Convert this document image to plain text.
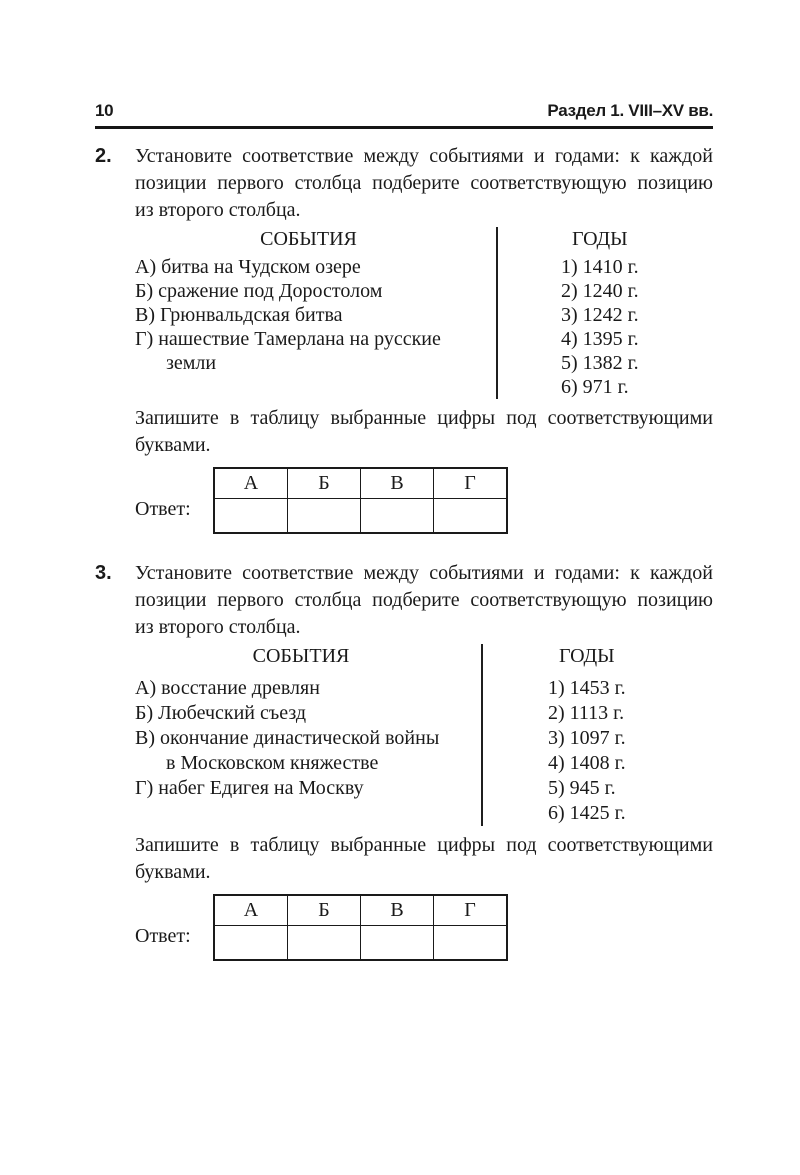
10	Раздел 1. VIII–XV вв.
2. Установите соответствие между событиями и годами: к каждой
позиции первого столбца подберите соответствующую позицию
из второго столбца.
СОБЫТИЯ
А) битва на Чудском озере
Б) сражение под Доростолом
В) Грюнвальдская битва
Г) нашествие Тамерлана на русские
земли
ГОДЫ
1) 1410 г.
2) 1240 г.
3) 1242 г.
4) 1395 г.
5) 1382 г.
6) 971 г.
Запишите в таблицу выбранные цифры под соответствующими
буквами.
Ответ:
А	Б	В	Г

3. Установите соответствие между событиями и годами: к каждой
позиции первого столбца подберите соответствующую позицию
из второго столбца.
СОБЫТИЯ
А) восстание древлян
Б) Любечский съезд
В) окончание династической войны
в Московском княжестве
Г) набег Едигея на Москву
ГОДЫ
1) 1453 г.
2) 1113 г.
3) 1097 г.
4) 1408 г.
5) 945 г.
6) 1425 г.
Запишите в таблицу выбранные цифры под соответствующими
буквами.
Ответ:
А	Б	В	Г
